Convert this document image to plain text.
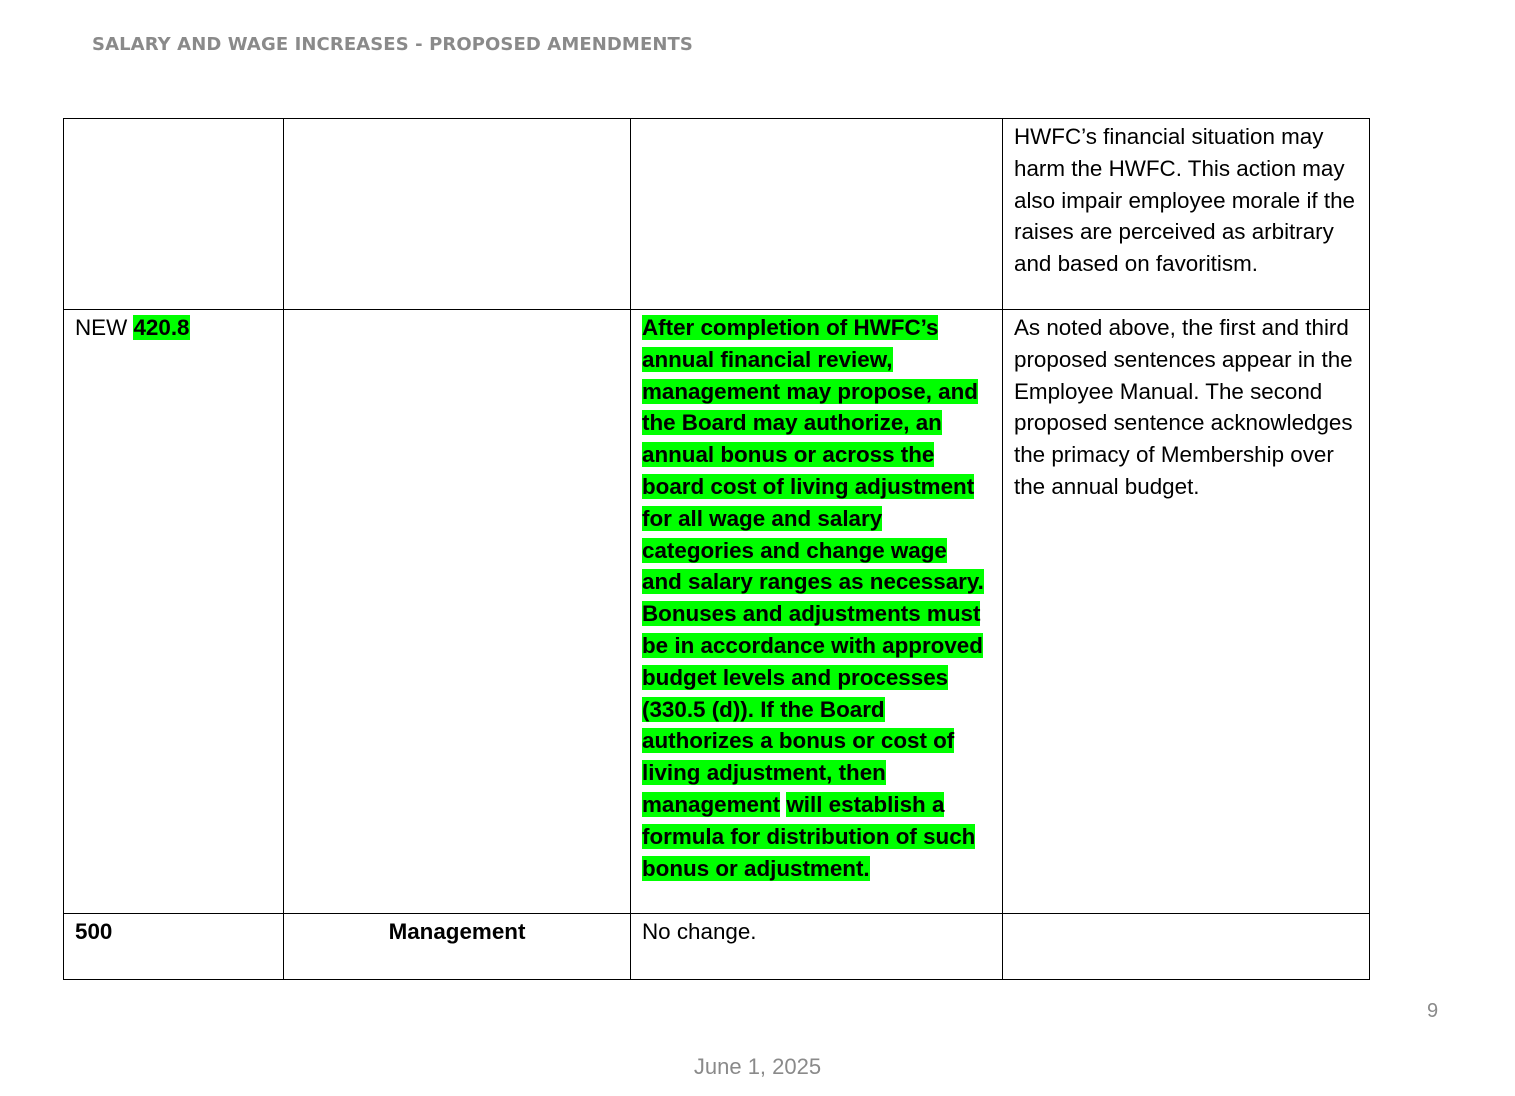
SALARY AND WAGE INCREASES - PROPOSED AMENDMENTS
			HWFC’s financial situation may harm the HWFC. This action may also impair employee morale if the raises are perceived as arbitrary and based on favoritism.
NEW 420.8		After completion of HWFC’s annual financial review, management may propose, and the Board may authorize, an annual bonus or across the board cost of living adjustment for all wage and salary categories and change wage and salary ranges as necessary. Bonuses and adjustments must be in accordance with approved budget levels and processes (330.5 (d)). If the Board authorizes a bonus or cost of living adjustment, then management will establish a formula for distribution of such bonus or adjustment.	As noted above, the first and third proposed sentences appear in the Employee Manual. The second proposed sentence acknowledges the primacy of Membership over the annual budget.
500	Management	No change.	
9
June 1, 2025
